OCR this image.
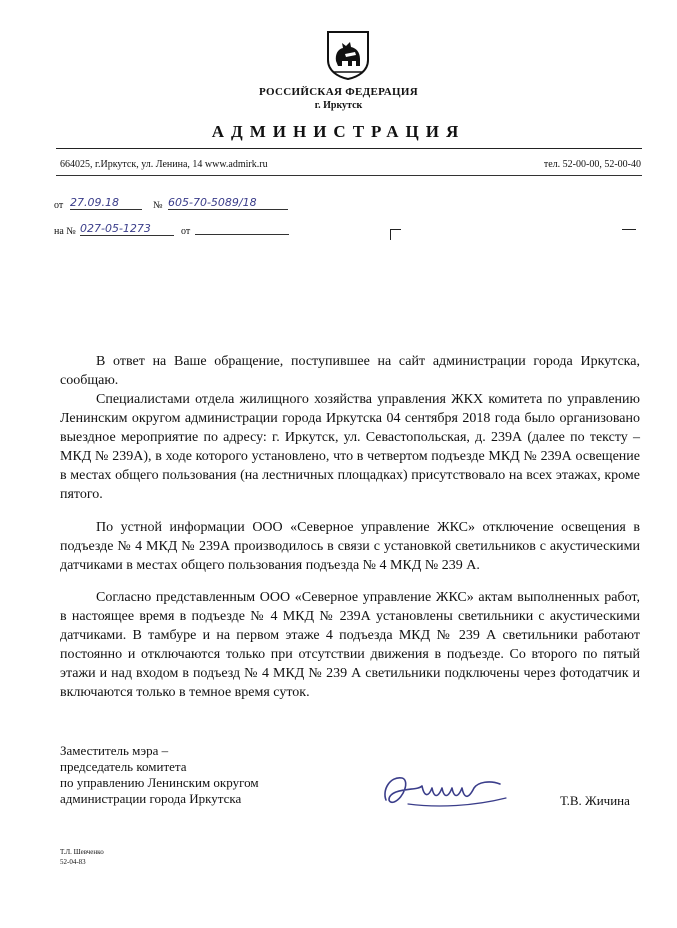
РОССИЙСКАЯ ФЕДЕРАЦИЯ
г. Иркутск
АДМИНИСТРАЦИЯ
664025, г.Иркутск, ул. Ленина, 14 www.admirk.ru	тел. 52-00-00, 52-00-40
от 27.09.18	№ 605-70-5089/18
на № 027-05-1273	от

В ответ на Ваше обращение, поступившее на сайт администрации города Иркутска, сообщаю.

Специалистами отдела жилищного хозяйства управления ЖКХ комитета по управлению Ленинским округом администрации города Иркутска 04 сентября 2018 года было организовано выездное мероприятие по адресу: г. Иркутск, ул. Севастопольская, д. 239А (далее по тексту – МКД № 239А), в ходе которого установлено, что в четвертом подъезде МКД № 239А освещение в местах общего пользования (на лестничных площадках) присутствовало на всех этажах, кроме пятого.

По устной информации ООО «Северное управление ЖКС» отключение освещения в подъезде № 4 МКД № 239А производилось в связи с установкой светильников с акустическими датчиками в местах общего пользования подъезда № 4 МКД № 239 А.

Согласно представленным ООО «Северное управление ЖКС» актам выполненных работ, в настоящее время в подъезде № 4 МКД № 239А установлены светильники с акустическими датчиками. В тамбуре и на первом этаже 4 подъезда МКД № 239 А светильники работают постоянно и отключаются только при отсутствии движения в подъезде. Со второго по пятый этажи и над входом в подъезд № 4 МКД № 239 А светильники подключены через фотодатчик и включаются только в темное время суток.

Заместитель мэра –
председатель комитета
по управлению Ленинским округом
администрации города Иркутска	Т.В. Жичина
Т.Л. Шевченко
52-04-83
